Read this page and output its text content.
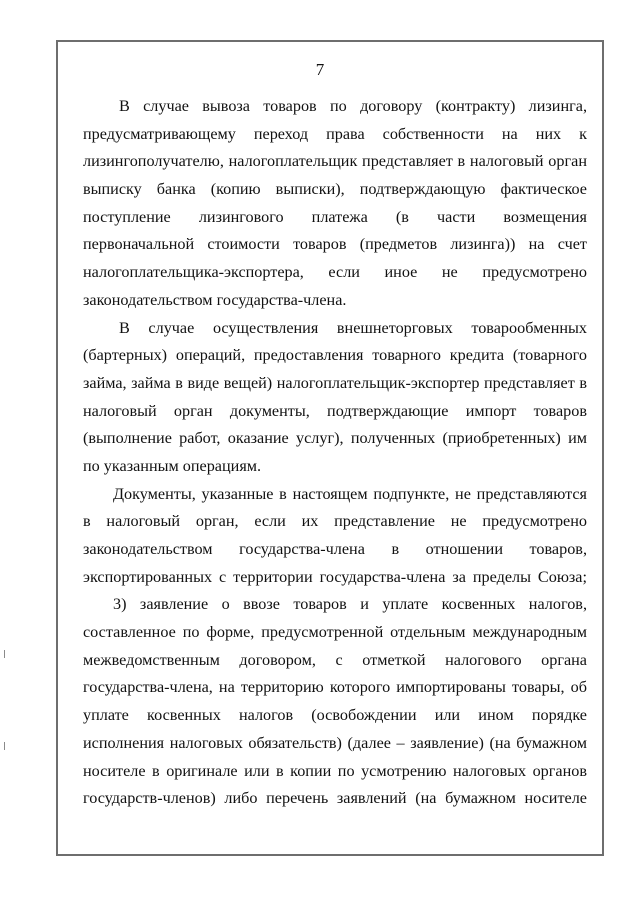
7
В случае вывоза товаров по договору (контракту) лизинга,
предусматривающему переход права собственности на них к
лизингополучателю, налогоплательщик представляет в налоговый орган
выписку банка (копию выписки), подтверждающую фактическое
поступление лизингового платежа (в части возмещения
первоначальной стоимости товаров (предметов лизинга)) на счет
налогоплательщика-экспортера, если иное не предусмотрено
законодательством государства-члена.
В случае осуществления внешнеторговых товарообменных
(бартерных) операций, предоставления товарного кредита (товарного
займа, займа в виде вещей) налогоплательщик-экспортер представляет в
налоговый орган документы, подтверждающие импорт товаров
(выполнение работ, оказание услуг), полученных (приобретенных) им
по указанным операциям.
Документы, указанные в настоящем подпункте, не представляются
в налоговый орган, если их представление не предусмотрено
законодательством государства-члена в отношении товаров,
экспортированных с территории государства-члена за пределы Союза;
3) заявление о ввозе товаров и уплате косвенных налогов,
составленное по форме, предусмотренной отдельным международным
межведомственным договором, с отметкой налогового органа
государства-члена, на территорию которого импортированы товары, об
уплате косвенных налогов (освобождении или ином порядке
исполнения налоговых обязательств) (далее – заявление) (на бумажном
носителе в оригинале или в копии по усмотрению налоговых органов
государств-членов) либо перечень заявлений (на бумажном носителе
